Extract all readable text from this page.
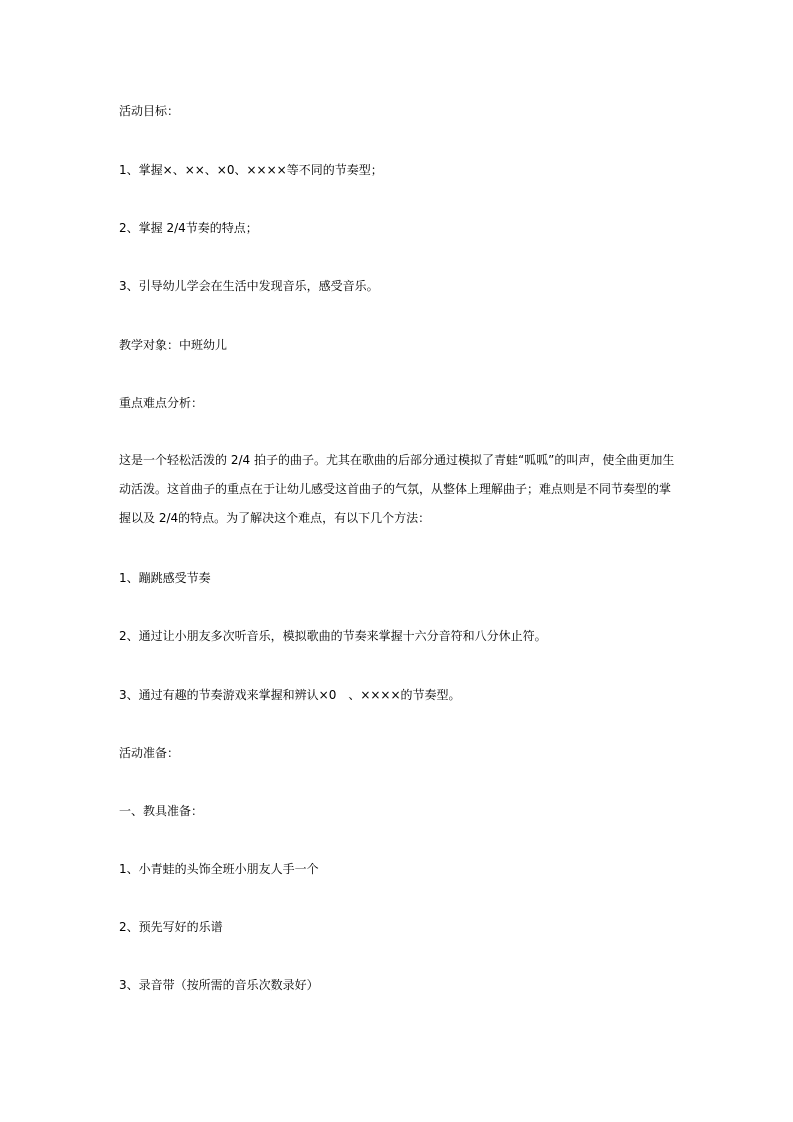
活动目标：
1、掌握×、××、×0、××××等不同的节奏型；
2、掌握 2/4节奏的特点；
3、引导幼儿学会在生活中发现音乐，感受音乐。
教学对象：中班幼儿
重点难点分析：
这是一个轻松活泼的 2/4 拍子的曲子。尤其在歌曲的后部分通过模拟了青蛙“呱呱”的叫声，使全曲更加生
动活泼。这首曲子的重点在于让幼儿感受这首曲子的气氛，从整体上理解曲子；难点则是不同节奏型的掌
握以及 2/4的特点。为了解决这个难点，有以下几个方法：
1、蹦跳感受节奏
2、通过让小朋友多次听音乐，模拟歌曲的节奏来掌握十六分音符和八分休止符。
3、通过有趣的节奏游戏来掌握和辨认×0　、××××的节奏型。
活动准备：
一、教具准备：
1、小青蛙的头饰全班小朋友人手一个
2、预先写好的乐谱
3、录音带（按所需的音乐次数录好）
